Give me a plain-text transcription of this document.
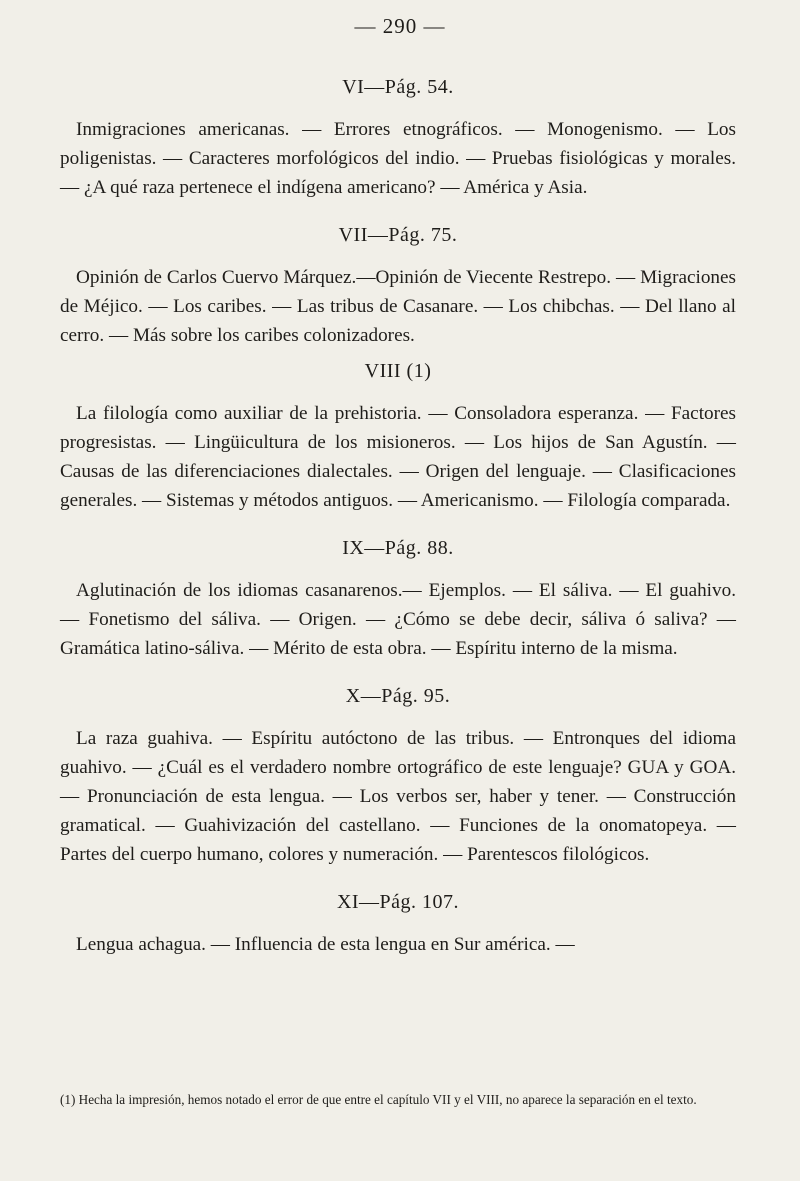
— 290 —
VI—Pág. 54.

Inmigraciones americanas. — Errores etnográficos. — Monogenismo. — Los poligenistas. — Caracteres morfológicos del indio. — Pruebas fisiológicas y morales. — ¿A qué raza pertenece el indígena americano? — América y Asia.

VII—Pág. 75.

Opinión de Carlos Cuervo Márquez.—Opinión de Viecente Restrepo. — Migraciones de Méjico. — Los caribes. — Las tribus de Casanare. — Los chibchas. — Del llano al cerro. — Más sobre los caribes colonizadores.

VIII (1)

La filología como auxiliar de la prehistoria. — Consoladora esperanza. — Factores progresistas. — Lingüicultura de los misioneros. — Los hijos de San Agustín. — Causas de las diferenciaciones dialectales. — Origen del lenguaje. — Clasificaciones generales. — Sistemas y métodos antiguos. — Americanismo. — Filología comparada.

IX—Pág. 88.

Aglutinación de los idiomas casanarenos.— Ejemplos. — El sáliva. — El guahivo. — Fonetismo del sáliva. — Origen. — ¿Cómo se debe decir, sáliva ó saliva? — Gramática latino-sáliva. — Mérito de esta obra. — Espíritu interno de la misma.

X—Pág. 95.

La raza guahiva. — Espíritu autóctono de las tribus. — Entronques del idioma guahivo. — ¿Cuál es el verdadero nombre ortográfico de este lenguaje? GUA y GOA. — Pronunciación de esta lengua. — Los verbos ser, haber y tener. — Construcción gramatical. — Guahivización del castellano. — Funciones de la onomatopeya. — Partes del cuerpo humano, colores y numeración. — Parentescos filológicos.

XI—Pág. 107.

Lengua achagua. — Influencia de esta lengua en Sur américa. —

(1) Hecha la impresión, hemos notado el error de que entre el capítulo VII y el VIII, no aparece la separación en el texto.
